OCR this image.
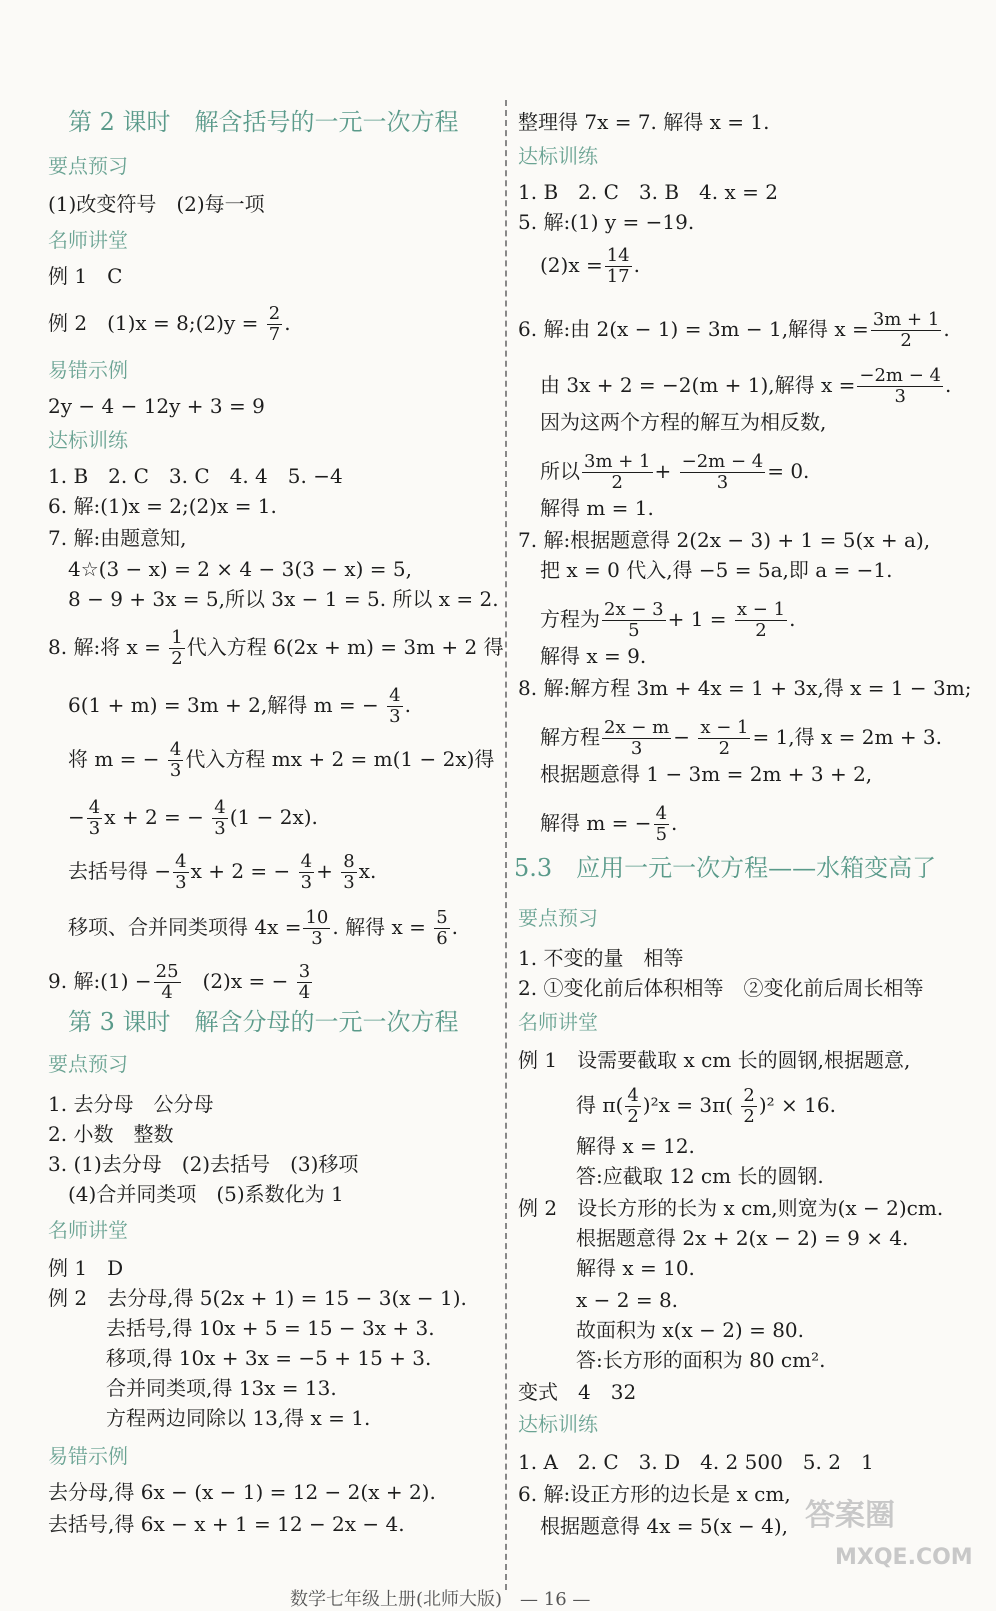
第 2 课时　解含括号的一元一次方程
要点预习
(1)改变符号　(2)每一项
名师讲堂
例 1　C
例 2　(1)x = 8;(2)y = $\frac{2}{7}$ .
易错示例
2y − 4 − 12y + 3 = 9
达标训练
1. B　2. C　3. C　4. 4　5. −4
6. 解:(1)x = 2;(2)x = 1.
7. 解:由题意知,
4☆(3 − x) = 2 × 4 − 3(3 − x) = 5,
8 − 9 + 3x = 5,所以 3x − 1 = 5. 所以 x = 2.
8. 解:将 $x = \frac{1}{2}$ 代入方程 6(2x + m) = 3m + 2 得
6(1 + m) = 3m + 2,解得 m = − $\frac{4}{3}$ .
将 m = − $\frac{4}{3}$ 代入方程 mx + 2 = m(1 − 2x)得
− $\frac{4}{3}$ x + 2 = − $\frac{4}{3} (1 - 2x)$.
去括号得 − $\frac{4}{3}$ x + 2 = − $\frac{4}{3} + \frac{8}{3} x$.
移项、合并同类项得 $4x = \frac{10}{3}$ . 解得 $x = \frac{5}{6}$ .
9. 解:(1) − $\frac{25}{4}$ 　(2)x = − $\frac{3}{4}$
第 3 课时　解含分母的一元一次方程
要点预习
1. 去分母　公分母
2. 小数　整数
3. (1)去分母　(2)去括号　(3)移项
(4)合并同类项　(5)系数化为 1
名师讲堂
例 1　D
例 2　去分母,得 5(2x + 1) = 15 − 3(x − 1).
去括号,得 10x + 5 = 15 − 3x + 3.
移项,得 10x + 3x = −5 + 15 + 3.
合并同类项,得 13x = 13.
方程两边同除以 13,得 x = 1.
易错示例
去分母,得 6x − (x − 1) = 12 − 2(x + 2).
去括号,得 6x − x + 1 = 12 − 2x − 4.
整理得 7x = 7. 解得 x = 1.
达标训练
1. B　2. C　3. B　4. x = 2
5. 解:(1) y = −19.
$(2)x = \frac{14}{17}$ .
6. 解:由 2(x − 1) = 3m − 1,解得 $x = \frac{3m + 1}{2}$ .
由 3x + 2 = −2(m + 1),解得 $x = \frac{-2m - 4}{3}$ .
因为这两个方程的解互为相反数,
所以 $\frac{3m + 1}{2} + \frac{-2m - 4}{3} = 0$.
解得 m = 1.
7. 解:根据题意得 2(2x − 3) + 1 = 5(x + a),
把 x = 0 代入,得 −5 = 5a,即 a = −1.
方程为 $\frac{2x - 3}{5} + 1 = \frac{x - 1}{2}$ .
解得 x = 9.
8. 解:解方程 3m + 4x = 1 + 3x,得 x = 1 − 3m;
解方程 $\frac{2x - m}{3} - \frac{x - 1}{2} = 1$,得 x = 2m + 3.
根据题意得 1 − 3m = 2m + 3 + 2,
解得 m = − $\frac{4}{5}$ .
5.3　应用一元一次方程——水箱变高了
要点预习
1. 不变的量　相等
2. ①变化前后体积相等　②变化前后周长相等
名师讲堂
例 1　设需要截取 x cm 长的圆钢,根据题意,
得 $\pi( \frac{4}{2} )^2x = 3\pi( \frac{2}{2} )^2 \times 16$.
解得 x = 12.
答:应截取 12 cm 长的圆钢.
例 2　设长方形的长为 x cm,则宽为(x − 2)cm.
根据题意得 2x + 2(x − 2) = 9 × 4.
解得 x = 10.
x − 2 = 8.
故面积为 x(x − 2) = 80.
答:长方形的面积为 80 cm².
变式　4　32
达标训练
1. A　2. C　3. D　4. 2 500　5. 2　1
6. 解:设正方形的边长是 x cm,
根据题意得 4x = 5(x − 4), 答案圈
MXQE.COM
数学七年级上册(北师大版)　— 16 —
